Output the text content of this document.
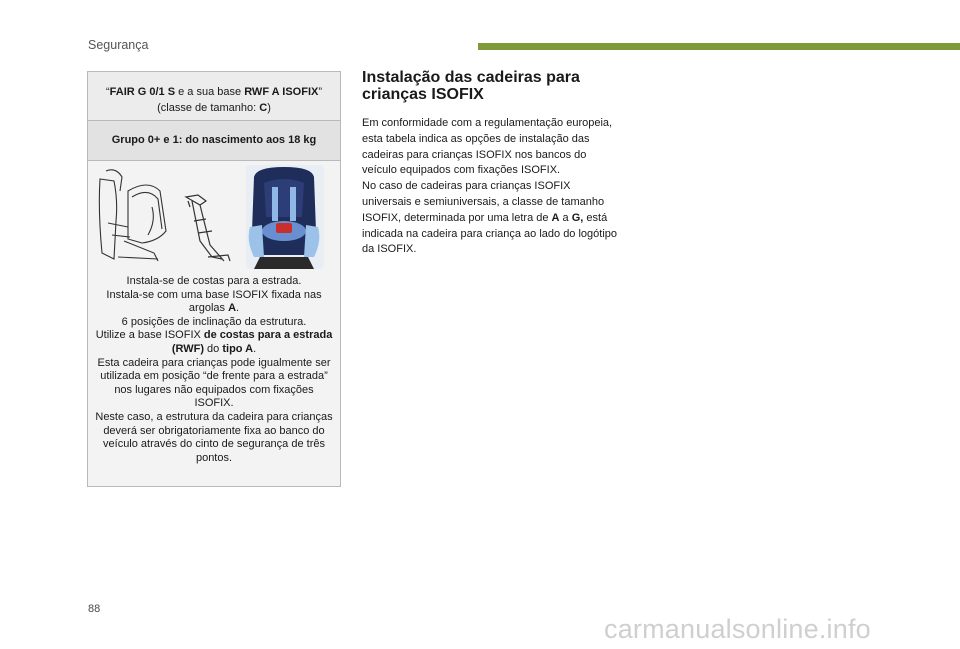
Segurança
“FAIR G 0/1 S e a sua base RWF A ISOFIX”
(classe de tamanho: C)
Grupo 0+ e 1: do nascimento aos 18 kg
Instala-se de costas para a estrada.
Instala-se com uma base ISOFIX fixada nas argolas A.
6 posições de inclinação da estrutura.
Utilize a base ISOFIX de costas para a estrada (RWF) do tipo A.
Esta cadeira para crianças pode igualmente ser utilizada em posição “de frente para a estrada” nos lugares não equipados com fixações ISOFIX.
Neste caso, a estrutura da cadeira para crianças deverá ser obrigatoriamente fixa ao banco do veículo através do cinto de segurança de três pontos.
Instalação das cadeiras para crianças ISOFIX
Em conformidade com a regulamentação europeia, esta tabela indica as opções de instalação das cadeiras para crianças ISOFIX nos bancos do veículo equipados com fixações ISOFIX.
No caso de cadeiras para crianças ISOFIX universais e semiuniversais, a classe de tamanho ISOFIX, determinada por uma letra de A a G, está indicada na cadeira para criança ao lado do logótipo da ISOFIX.
88
carmanualsonline.info
